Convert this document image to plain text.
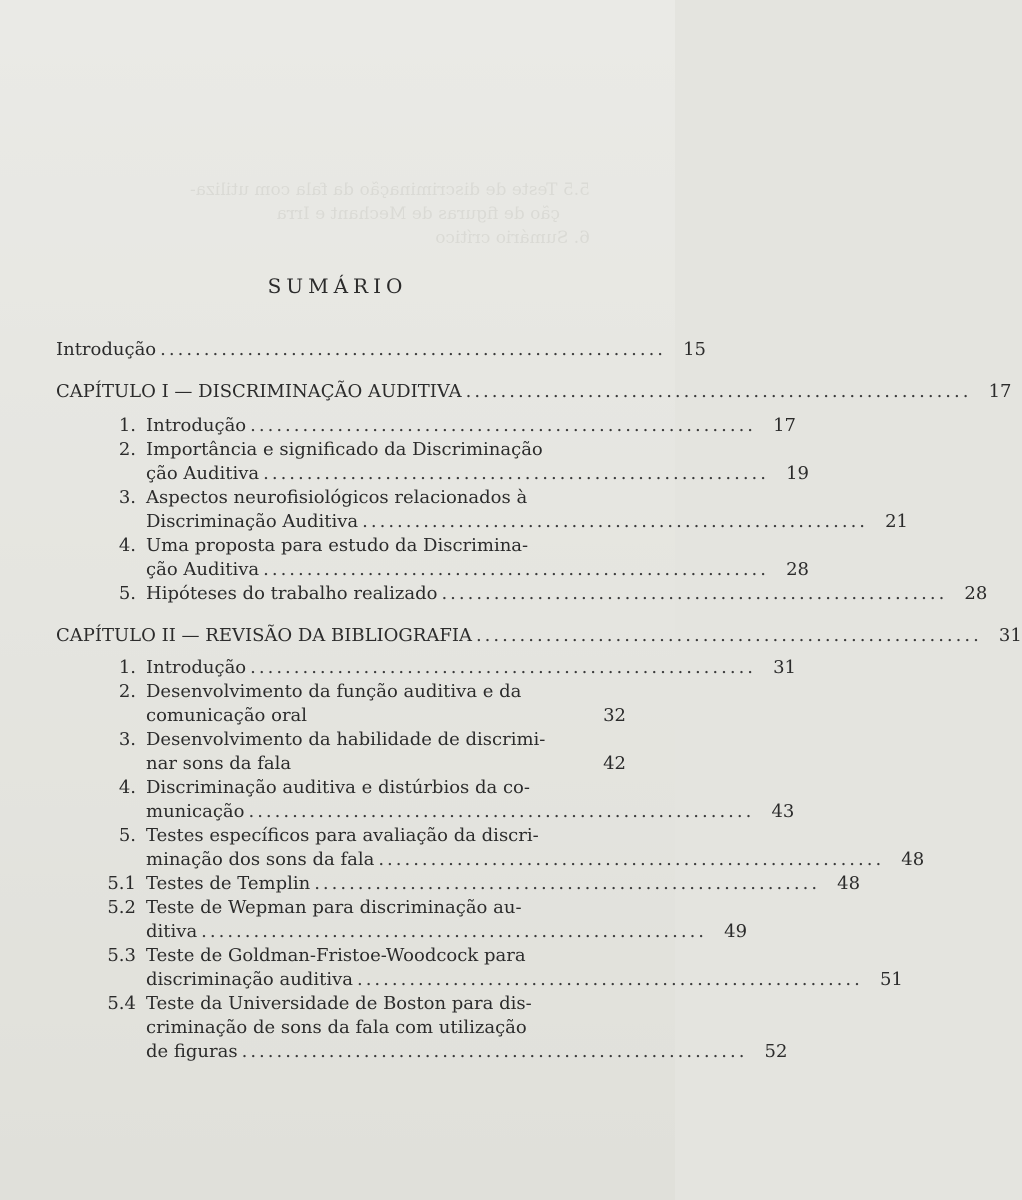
5.5 Teste de discriminação da fala com utiliza-
ção de figuras de Mechant e Irra
6. Sumário crítico
SUMÁRIO
Introdução .......................................................... 15
CAPÍTULO I — DISCRIMINAÇÃO AUDITIVA .......................................................... 17
1. Introdução .......................................................... 17
2. Importância e significado da Discriminação
ção Auditiva .......................................................... 19
3. Aspectos neurofisiológicos relacionados à
Discriminação Auditiva .......................................................... 21
4. Uma proposta para estudo da Discrimina-
ção Auditiva .......................................................... 28
5. Hipóteses do trabalho realizado .......................................................... 28
CAPÍTULO II — REVISÃO DA BIBLIOGRAFIA .......................................................... 31
1. Introdução .......................................................... 31
2. Desenvolvimento da função auditiva e da
comunicação oral	32
3. Desenvolvimento da habilidade de discrimi-
nar sons da fala	42
4. Discriminação auditiva e distúrbios da co-
municação .......................................................... 43
5. Testes específicos para avaliação da discri-
minação dos sons da fala .......................................................... 48
5.1 Testes de Templin .......................................................... 48
5.2 Teste de Wepman para discriminação au-
ditiva .......................................................... 49
5.3 Teste de Goldman-Fristoe-Woodcock para
discriminação auditiva .......................................................... 51
5.4 Teste da Universidade de Boston para dis-
criminação de sons da fala com utilização
de figuras .......................................................... 52
